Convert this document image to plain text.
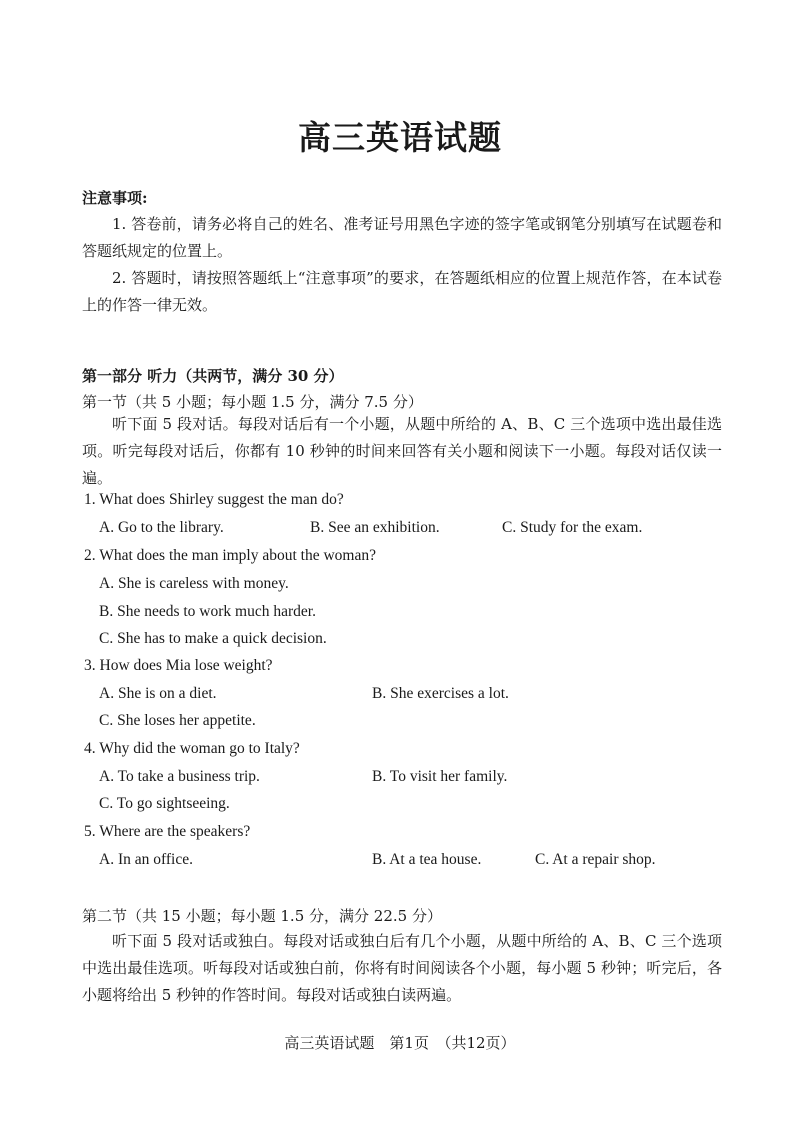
高三英语试题
注意事项:
1. 答卷前，请务必将自己的姓名、准考证号用黑色字迹的签字笔或钢笔分别填写在试题卷和答题纸规定的位置上。
2. 答题时，请按照答题纸上“注意事项”的要求，在答题纸相应的位置上规范作答，在本试卷上的作答一律无效。
第一部分 听力（共两节，满分 30 分）
第一节（共 5 小题；每小题 1.5 分，满分 7.5 分）
听下面 5 段对话。每段对话后有一个小题，从题中所给的 A、B、C 三个选项中选出最佳选项。听完每段对话后，你都有 10 秒钟的时间来回答有关小题和阅读下一小题。每段对话仅读一遍。
1. What does Shirley suggest the man do?
A. Go to the library.	B. See an exhibition.	C. Study for the exam.
2. What does the man imply about the woman?
A. She is careless with money.
B. She needs to work much harder.
C. She has to make a quick decision.
3. How does Mia lose weight?
A. She is on a diet.	B. She exercises a lot.
C. She loses her appetite.
4. Why did the woman go to Italy?
A. To take a business trip.	B. To visit her family.
C. To go sightseeing.
5. Where are the speakers?
A. In an office.	B. At a tea house.	C. At a repair shop.
第二节（共 15 小题；每小题 1.5 分，满分 22.5 分）
听下面 5 段对话或独白。每段对话或独白后有几个小题，从题中所给的 A、B、C 三个选项中选出最佳选项。听每段对话或独白前，你将有时间阅读各个小题，每小题 5 秒钟；听完后，各小题将给出 5 秒钟的作答时间。每段对话或独白读两遍。
高三英语试题　第1页　（共12页）
